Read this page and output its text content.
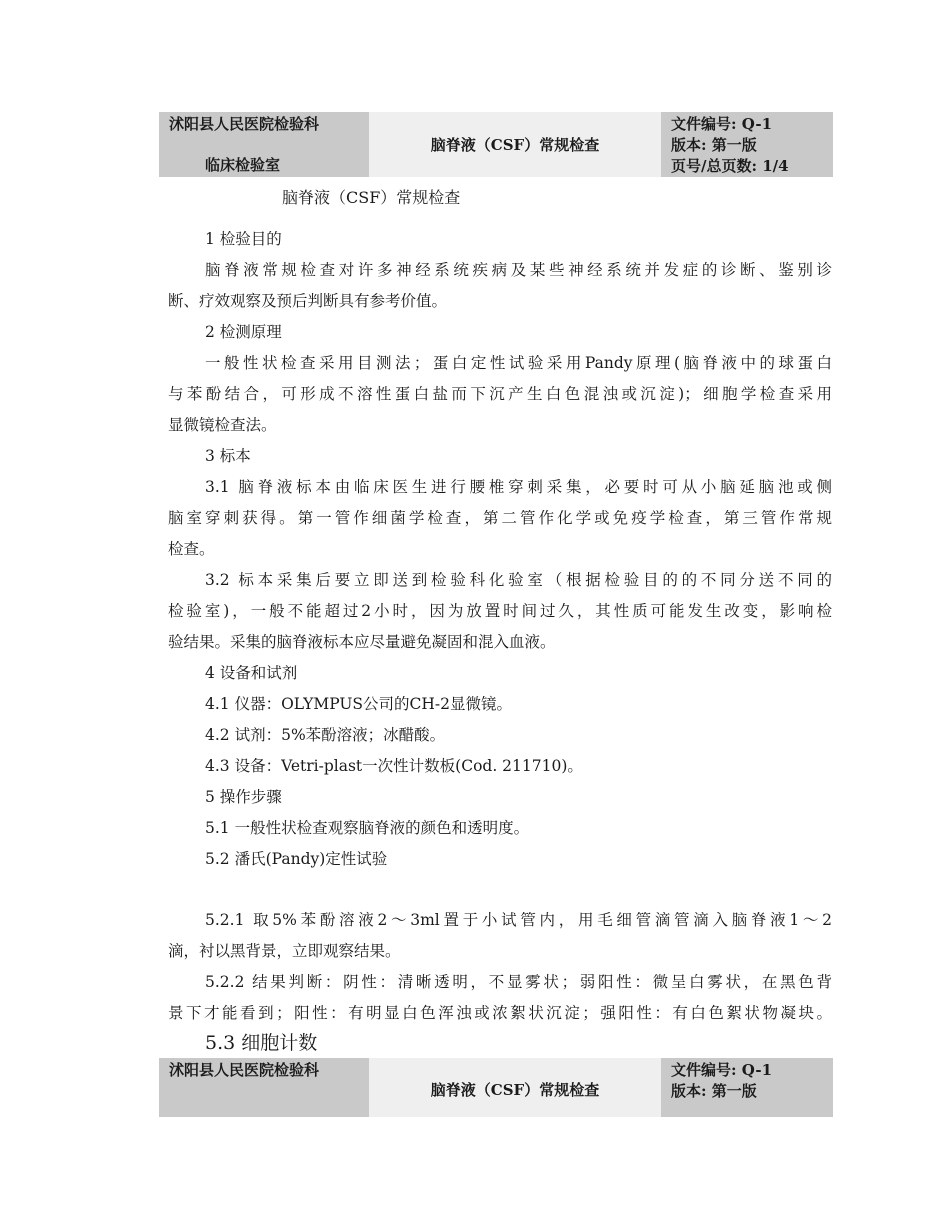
沭阳县人民医院检验科
临床检验室
脑脊液（CSF）常规检查
文件编号: Q-1
版本: 第一版
页号/总页数: 1/4
脑脊液（CSF）常规检查
1 检验目的
脑脊液常规检查对许多神经系统疾病及某些神经系统并发症的诊断、鉴别诊
断、疗效观察及预后判断具有参考价值。
2 检测原理
一般性状检查采用目测法；蛋白定性试验采用Pandy原理(脑脊液中的球蛋白
与苯酚结合，可形成不溶性蛋白盐而下沉产生白色混浊或沉淀)；细胞学检查采用
显微镜检查法。
3 标本
3.1 脑脊液标本由临床医生进行腰椎穿刺采集，必要时可从小脑延脑池或侧
脑室穿刺获得。第一管作细菌学检查，第二管作化学或免疫学检查，第三管作常规
检查。
3.2 标本采集后要立即送到检验科化验室（根据检验目的的不同分送不同的
检验室)，一般不能超过2小时，因为放置时间过久，其性质可能发生改变，影响检
验结果。采集的脑脊液标本应尽量避免凝固和混入血液。
4 设备和试剂
4.1 仪器：OLYMPUS公司的CH-2显微镜。
4.2 试剂：5%苯酚溶液；冰醋酸。
4.3 设备：Vetri-plast一次性计数板(Cod. 211710)。
5 操作步骤
5.1 一般性状检查观察脑脊液的颜色和透明度。
5.2 潘氏(Pandy)定性试验
5.2.1 取5%苯酚溶液2～3ml置于小试管内，用毛细管滴管滴入脑脊液1～2
滴，衬以黑背景，立即观察结果。
5.2.2 结果判断：阴性：清晰透明，不显雾状；弱阳性：微呈白雾状，在黑色背
景下才能看到；阳性：有明显白色浑浊或浓絮状沉淀；强阳性：有白色絮状物凝块。
5.3 细胞计数
沭阳县人民医院检验科
脑脊液（CSF）常规检查
文件编号: Q-1
版本: 第一版
